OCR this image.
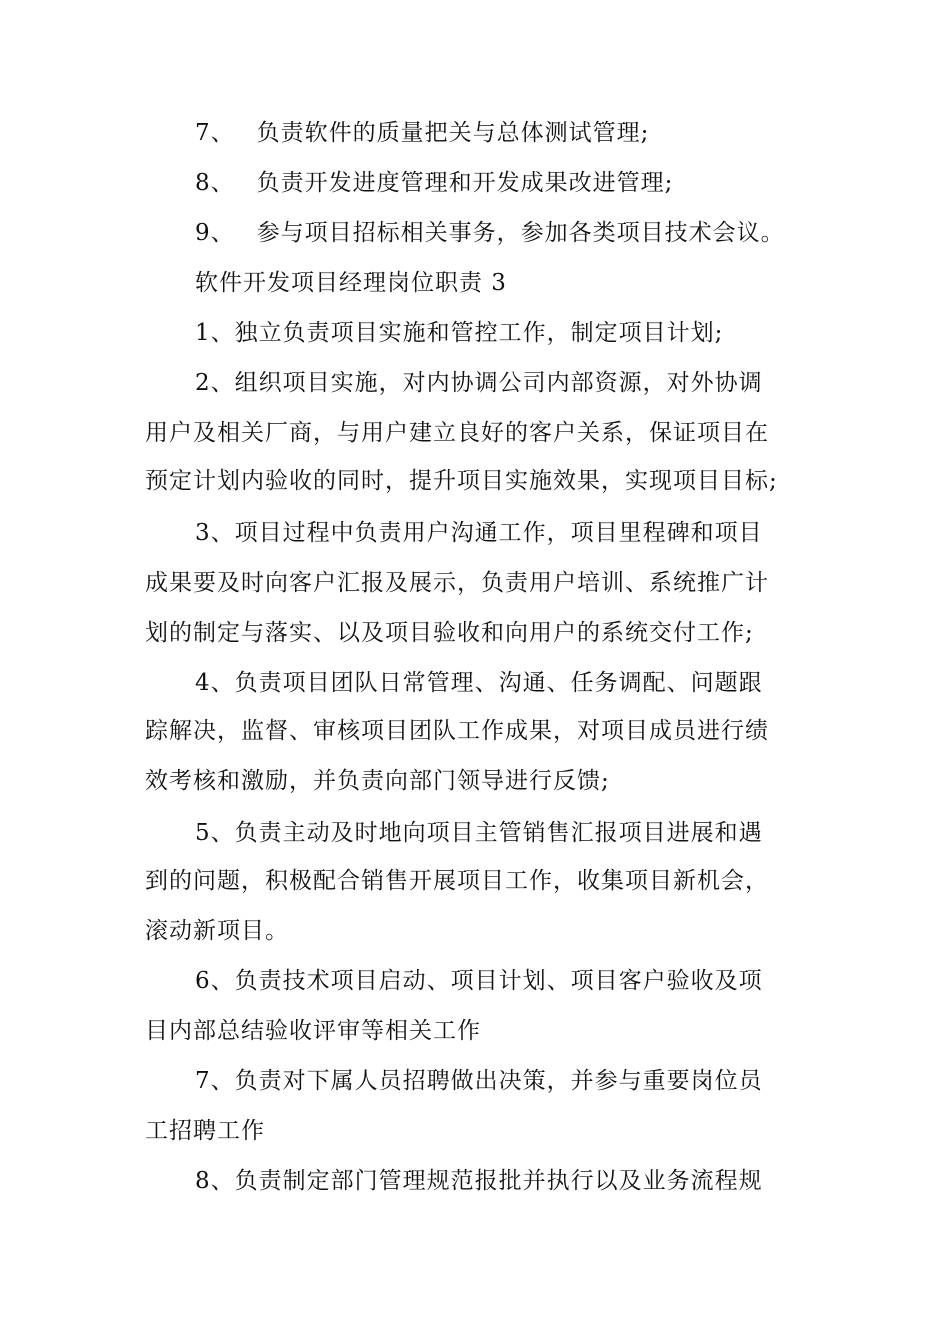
7、 负责软件的质量把关与总体测试管理;
8、 负责开发进度管理和开发成果改进管理;
9、 参与项目招标相关事务，参加各类项目技术会议。
软件开发项目经理岗位职责 3
1、独立负责项目实施和管控工作，制定项目计划;
2、组织项目实施，对内协调公司内部资源，对外协调
用户及相关厂商，与用户建立良好的客户关系，保证项目在
预定计划内验收的同时，提升项目实施效果，实现项目目标;
3、项目过程中负责用户沟通工作，项目里程碑和项目
成果要及时向客户汇报及展示，负责用户培训、系统推广计
划的制定与落实、以及项目验收和向用户的系统交付工作;
4、负责项目团队日常管理、沟通、任务调配、问题跟
踪解决，监督、审核项目团队工作成果，对项目成员进行绩
效考核和激励，并负责向部门领导进行反馈;
5、负责主动及时地向项目主管销售汇报项目进展和遇
到的问题，积极配合销售开展项目工作，收集项目新机会，
滚动新项目。
6、负责技术项目启动、项目计划、项目客户验收及项
目内部总结验收评审等相关工作
7、负责对下属人员招聘做出决策，并参与重要岗位员
工招聘工作
8、负责制定部门管理规范报批并执行以及业务流程规
